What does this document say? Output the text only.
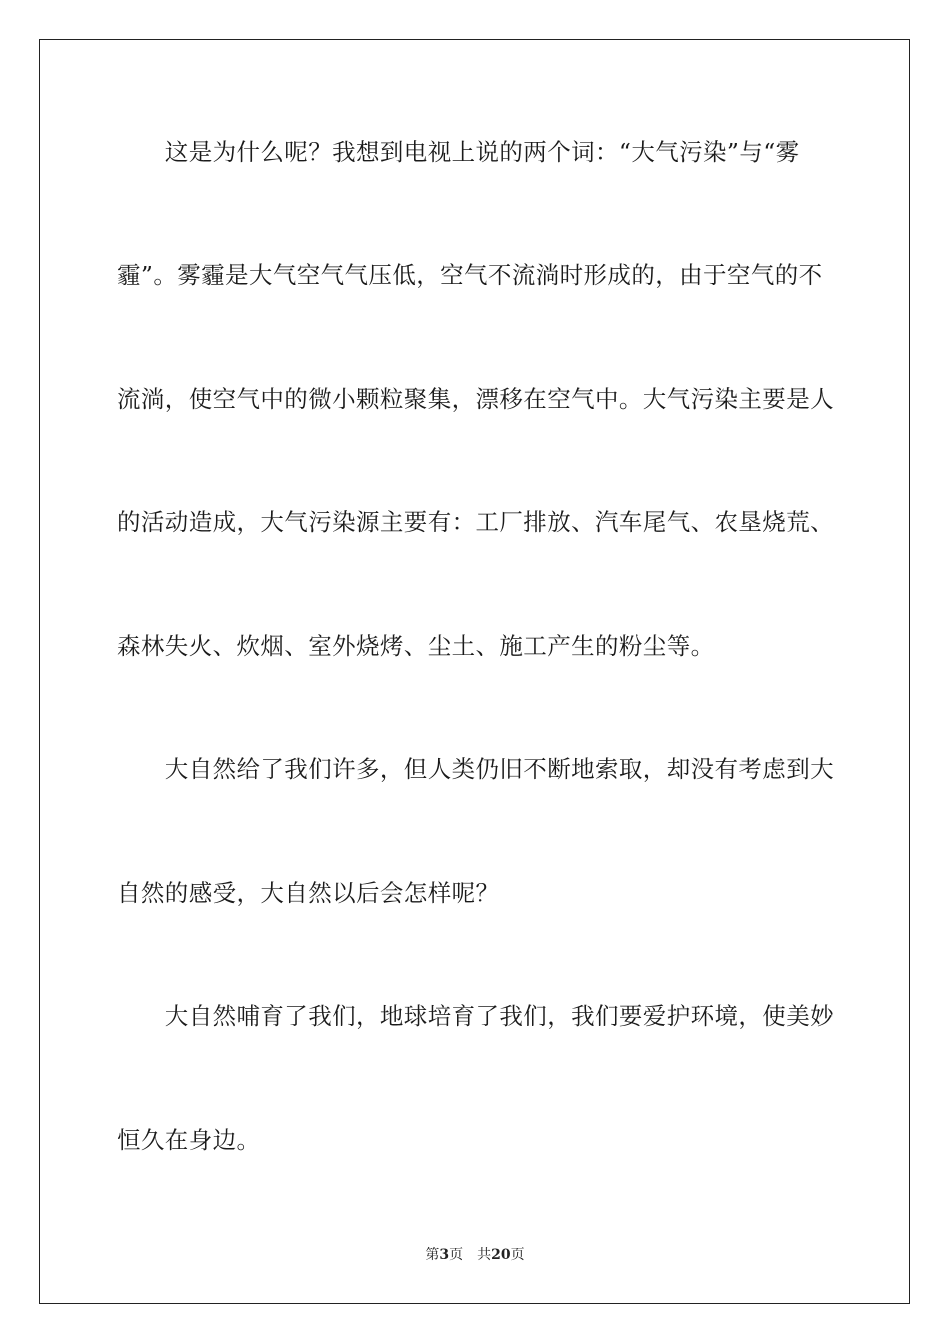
　　这是为什么呢？我想到电视上说的两个词：“大气污染”与“雾
霾”。雾霾是大气空气气压低，空气不流淌时形成的，由于空气的不
流淌，使空气中的微小颗粒聚集，漂移在空气中。大气污染主要是人
的活动造成，大气污染源主要有：工厂排放、汽车尾气、农垦烧荒、
森林失火、炊烟、室外烧烤、尘土、施工产生的粉尘等。
　　大自然给了我们许多，但人类仍旧不断地索取，却没有考虑到大
自然的感受，大自然以后会怎样呢？
　　大自然哺育了我们，地球培育了我们，我们要爱护环境，使美妙
恒久在身边。
第3页 共20页
